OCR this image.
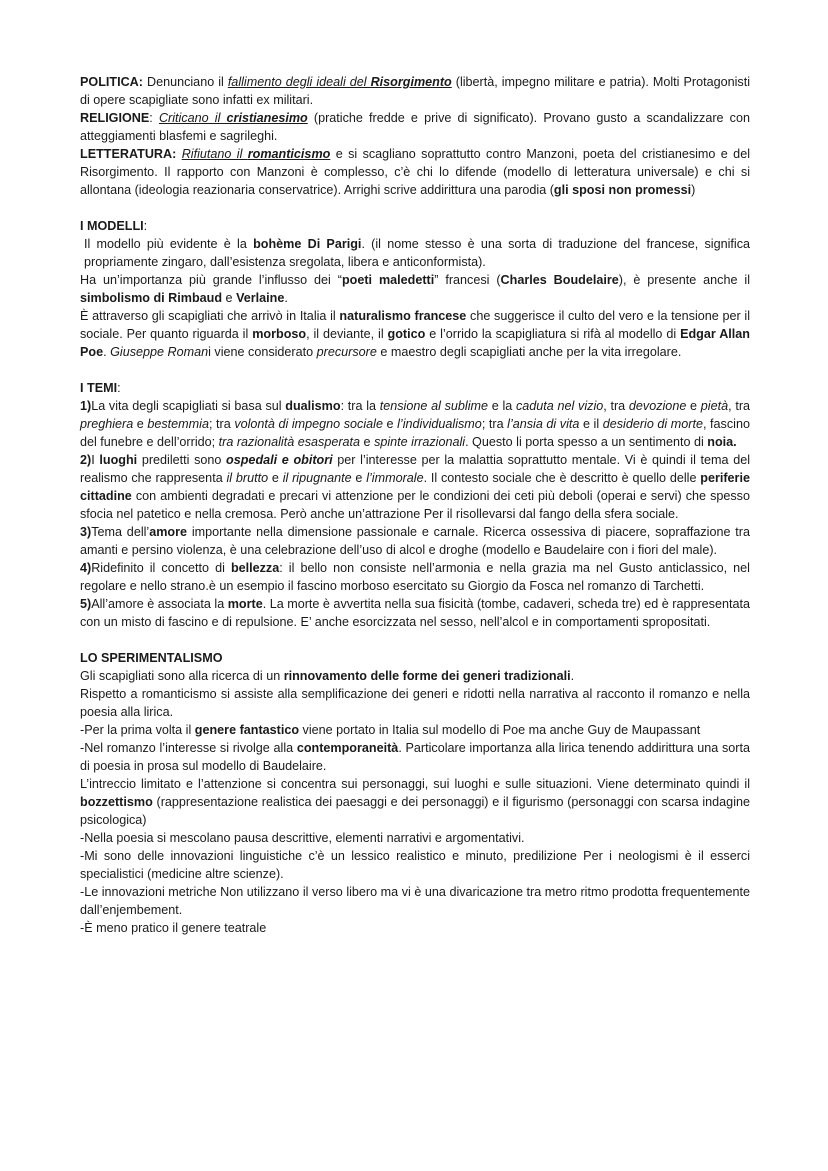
POLITICA: Denunciano il fallimento degli ideali del Risorgimento (libertà, impegno militare e patria). Molti Protagonisti di opere scapigliate sono infatti ex militari.

RELIGIONE: Criticano il cristianesimo (pratiche fredde e prive di significato). Provano gusto a scandalizzare con atteggiamenti blasfemi e sagrileghi.

LETTERATURA: Rifiutano il romanticismo e si scagliano soprattutto contro Manzoni, poeta del cristianesimo e del Risorgimento. Il rapporto con Manzoni è complesso, c’è chi lo difende (modello di letteratura universale) e chi si allontana (ideologia reazionaria conservatrice). Arrighi scrive addirittura una parodia (gli sposi non promessi)

I MODELLI:

Il modello più evidente è la bohème Di Parigi. (il nome stesso è una sorta di traduzione del francese, significa propriamente zingaro, dall’esistenza sregolata, libera e anticonformista).

Ha un’importanza più grande l’influsso dei “poeti maledetti” francesi (Charles Boudelaire), è presente anche il simbolismo di Rimbaud e Verlaine.

È attraverso gli scapigliati che arrivò in Italia il naturalismo francese che suggerisce il culto del vero e la tensione per il sociale. Per quanto riguarda il morboso, il deviante, il gotico e l’orrido la scapigliatura si rifà al modello di Edgar Allan Poe. Giuseppe Romani viene considerato precursore e maestro degli scapigliati anche per la vita irregolare.

I TEMI:

1)La vita degli scapigliati si basa sul dualismo: tra la tensione al sublime e la caduta nel vizio, tra devozione e pietà, tra preghiera e bestemmia; tra volontà di impegno sociale e l’individualismo; tra l’ansia di vita e il desiderio di morte, fascino del funebre e dell’orrido; tra razionalità esasperata e spinte irrazionali. Questo li porta spesso a un sentimento di noia.

2)I luoghi prediletti sono ospedali e obitori per l’interesse per la malattia soprattutto mentale. Vi è quindi il tema del realismo che rappresenta il brutto e il ripugnante e l’immorale. Il contesto sociale che è descritto è quello delle periferie cittadine con ambienti degradati e precari vi attenzione per le condizioni dei ceti più deboli (operai e servi) che spesso sfocia nel patetico e nella cremosa. Però anche un’attrazione Per il risollevarsi dal fango della sfera sociale.

3)Tema dell’amore importante nella dimensione passionale e carnale. Ricerca ossessiva di piacere, sopraffazione tra amanti e persino violenza, è una celebrazione dell’uso di alcol e droghe (modello e Baudelaire con i fiori del male).

4)Ridefinito il concetto di bellezza: il bello non consiste nell’armonia e nella grazia ma nel Gusto anticlassico, nel regolare e nello strano.è un esempio il fascino morboso esercitato su Giorgio da Fosca nel romanzo di Tarchetti.

5)All’amore è associata la morte. La morte è avvertita nella sua fisicità (tombe, cadaveri, scheda tre) ed è rappresentata con un misto di fascino e di repulsione. E’ anche esorcizzata nel sesso, nell’alcol e in comportamenti spropositati.

LO SPERIMENTALISMO

Gli scapigliati sono alla ricerca di un rinnovamento delle forme dei generi tradizionali.

Rispetto a romanticismo si assiste alla semplificazione dei generi e ridotti nella narrativa al racconto il romanzo e nella poesia alla lirica.

-Per la prima volta il genere fantastico viene portato in Italia sul modello di Poe ma anche Guy de Maupassant

-Nel romanzo l’interesse si rivolge alla contemporaneità. Particolare importanza alla lirica tenendo addirittura una sorta di poesia in prosa sul modello di Baudelaire.

L’intreccio limitato e l’attenzione si concentra sui personaggi, sui luoghi e sulle situazioni. Viene determinato quindi il bozzettismo (rappresentazione realistica dei paesaggi e dei personaggi) e il figurismo (personaggi con scarsa indagine psicologica)

-Nella poesia si mescolano pausa descrittive, elementi narrativi e argomentativi.

-Mi sono delle innovazioni linguistiche c’è un lessico realistico e minuto, predilizione Per i neologismi è il esserci specialistici (medicine altre scienze).

-Le innovazioni metriche Non utilizzano il verso libero ma vi è una divaricazione tra metro ritmo prodotta frequentemente dall’enjembement.

-È meno pratico il genere teatrale
